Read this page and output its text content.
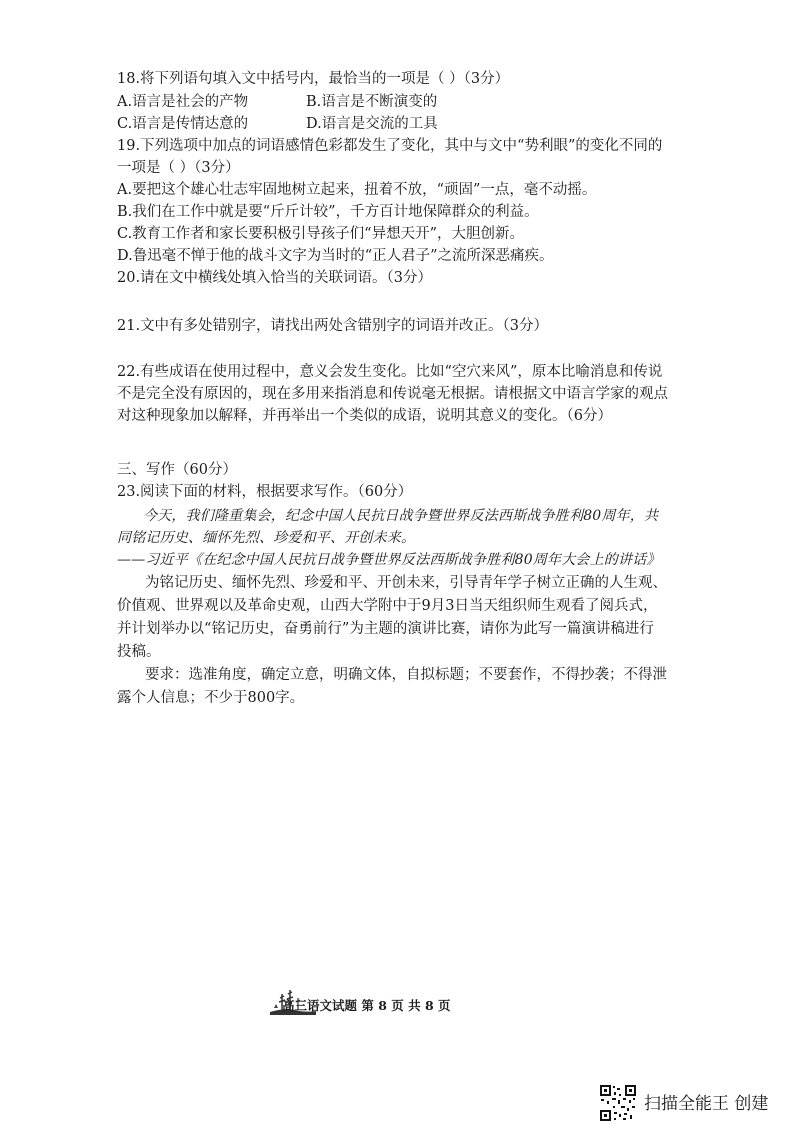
18.将下列语句填入文中括号内，最恰当的一项是（ ）（3分）
A.语言是社会的产物	B.语言是不断演变的
C.语言是传情达意的	D.语言是交流的工具
19.下列选项中加点的词语感情色彩都发生了变化，其中与文中“势利眼”的变化不同的
一项是（ ）（3分）
A.要把这个雄心壮志牢固地树立起来，扭着不放，“顽固”一点，毫不动摇。
B.我们在工作中就是要“斤斤计较”，千方百计地保障群众的利益。
C.教育工作者和家长要积极引导孩子们“异想天开”，大胆创新。
D.鲁迅毫不惮于他的战斗文字为当时的“正人君子”之流所深恶痛疾。
20.请在文中横线处填入恰当的关联词语。（3分）
21.文中有多处错别字，请找出两处含错别字的词语并改正。（3分）
22.有些成语在使用过程中，意义会发生变化。比如“空穴来风”，原本比喻消息和传说
不是完全没有原因的，现在多用来指消息和传说毫无根据。请根据文中语言学家的观点
对这种现象加以解释，并再举出一个类似的成语，说明其意义的变化。（6分）
三、写作（60分）
23.阅读下面的材料，根据要求写作。（60分）
今天，我们隆重集会，纪念中国人民抗日战争暨世界反法西斯战争胜利80周年，共
同铭记历史、缅怀先烈、珍爱和平、开创未来。
——习近平《在纪念中国人民抗日战争暨世界反法西斯战争胜利80周年大会上的讲话》
为铭记历史、缅怀先烈、珍爱和平、开创未来，引导青年学子树立正确的人生观、
价值观、世界观以及革命史观，山西大学附中于9月3日当天组织师生观看了阅兵式，
并计划举办以“铭记历史，奋勇前行”为主题的演讲比赛，请你为此写一篇演讲稿进行
投稿。
要求：选准角度，确定立意，明确文体，自拟标题；不要套作，不得抄袭；不得泄
露个人信息；不少于800字。
高三语文试题 第 8 页 共 8 页
扫描全能王 创建
